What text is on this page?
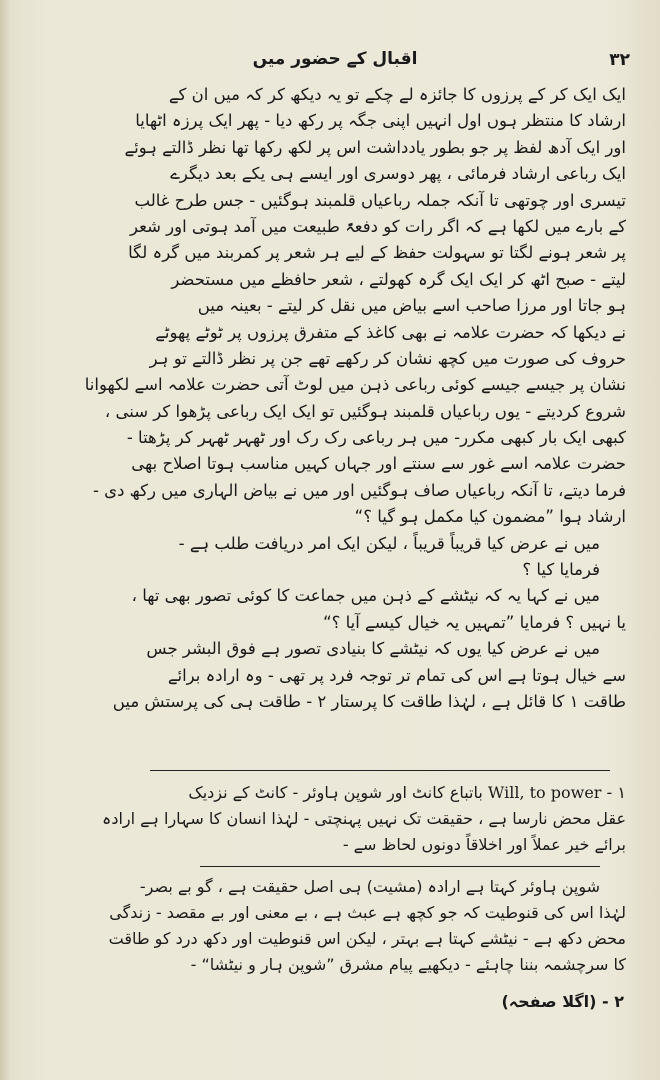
اقبال کے حضور میں	۳۲
ایک ایک کر کے پرزوں کا جائزہ لے چکے تو یہ دیکھ کر کہ میں ان کے
ارشاد کا منتظر ہوں اول انہیں اپنی جگہ پر رکھ دیا - پھر ایک پرزہ اٹھایا
اور ایک آدھ لفظ پر جو بطور یادداشت اس پر لکھ رکھا تھا نظر ڈالتے ہوئے
ایک رباعی ارشاد فرمائی ، پھر دوسری اور ایسے ہی یکے بعد دیگرے
تیسری اور چوتھی تا آنکہ جملہ رباعیاں قلمبند ہوگئیں - جس طرح غالب
کے بارے میں لکھا ہے کہ اگر رات کو دفعۃً طبیعت میں آمد ہوتی اور شعر
پر شعر ہونے لگتا تو سہولت حفظ کے لیے ہر شعر پر کمربند میں گرہ لگا
لیتے - صبح اٹھ کر ایک ایک گرہ کھولتے ، شعر حافظے میں مستحضر
ہو جاتا اور مرزا صاحب اسے بیاض میں نقل کر لیتے - بعینہ میں
نے دیکھا کہ حضرت علامہ نے بھی کاغذ کے متفرق پرزوں پر ٹوٹے پھوٹے
حروف کی صورت میں کچھ نشان کر رکھے تھے جن پر نظر ڈالتے تو ہر
نشان پر جیسے جیسے کوئی رباعی ذہن میں لوٹ آتی حضرت علامہ اسے لکھوانا
شروع کردیتے - یوں رباعیاں قلمبند ہوگئیں تو ایک ایک رباعی پڑھوا کر سنی ،
کبھی ایک بار کبھی مکرر- میں ہر رباعی رک رک اور ٹھہر ٹھہر کر پڑھتا -
حضرت علامہ اسے غور سے سنتے اور جہاں کہیں مناسب ہوتا اصلاح بھی
فرما دیتے، تا آنکہ رباعیاں صاف ہوگئیں اور میں نے بیاض الہاری میں رکھ دی -
ارشاد ہوا ”مضمون کیا مکمل ہو گیا ؟“
میں نے عرض کیا قریباً قریباً ، لیکن ایک امر دریافت طلب ہے -
فرمایا کیا ؟
میں نے کہا یہ کہ نیٹشے کے ذہن میں جماعت کا کوئی تصور بھی تھا ،
یا نہیں ؟ فرمایا ”تمہیں یہ خیال کیسے آیا ؟“
میں نے عرض کیا یوں کہ نیٹشے کا بنیادی تصور ہے فوق البشر جس
سے خیال ہوتا ہے اس کی تمام تر توجہ فرد پر تھی - وہ ارادہ برائے
طاقت ۱ کا قائل ہے ، لہٰذا طاقت کا پرستار ۲ - طاقت ہی کی پرستش میں
۱ - Will, to power باتباع کانٹ اور شوپن ہاوئر - کانٹ کے نزدیک
عقل محض نارسا ہے ، حقیقت تک نہیں پہنچتی - لہٰذا انسان کا سہارا ہے ارادہ
برائے خیر عملاً اور اخلاقاً دونوں لحاظ سے -
شوپن ہاوئر کہتا ہے ارادہ (مشیت) ہی اصل حقیقت ہے ، گو بے بصر-
لہٰذا اس کی قنوطیت کہ جو کچھ ہے عبث ہے ، بے معنی اور بے مقصد - زندگی
محض دکھ ہے - نیٹشے کہتا ہے بہتر ، لیکن اس قنوطیت اور دکھ درد کو طاقت
کا سرچشمہ بننا چاہئے - دیکھیے پیام مشرق ”شوپن ہار و نیٹشا“ -
۲ - (اگلا صفحہ)
